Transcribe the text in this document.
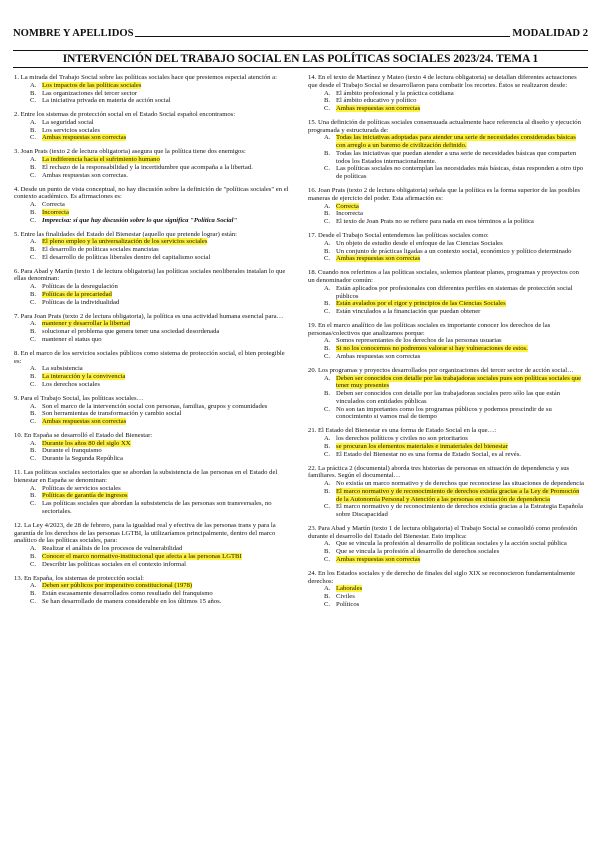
NOMBRE Y APELLIDOS	MODALIDAD 2
INTERVENCIÓN DEL TRABAJO SOCIAL EN LAS POLÍTICAS SOCIALES 2023/24. TEMA 1
1. La mirada del Trabajo Social sobre las políticas sociales hace que prestemos especial atención a:
A. Los impactos de las políticas sociales
B. Las organizaciones del tercer sector
C. La iniciativa privada en materia de acción social
2. Entre los sistemas de protección social en el Estado Social español encontramos:
A. La seguridad social
B. Los servicios sociales
C. Ambas respuestas son correctas
3. Joan Prats (texto 2 de lectura obligatoria) asegura que la política tiene dos enemigos:
A. La indiferencia hacia el sufrimiento humano
B. El rechazo de la responsabilidad y la incertidumbre que acompaña a la libertad.
C. Ambas respuestas son correctas.
4. Desde un punto de vista conceptual, no hay discusión sobre la definición de "políticas sociales" en el contexto académico. Es afirmaciones es:
A. Correcta
B. Incorrecta
C. Imprecisa: sí que hay discusión sobre lo que significa "Política Social"
5. Entre las finalidades del Estado del Bienestar (aquello que pretende lograr) están:
A. El pleno empleo y la universalización de los servicios sociales
B. El desarrollo de políticas sociales mancistas
C. El desarrollo de políticas liberales dentro del capitalismo social
6. Para Abad y Martín (texto 1 de lectura obligatoria) las políticas sociales neoliberales instalan lo que ellas denominan:
A. Políticas de la desregulación
B. Políticas de la precariedad
C. Políticas de la individualidad
7. Para Joan Prats (texto 2 de lectura obligatoria), la política es una actividad humana esencial para…
A. mantener y desarrollar la libertad
B. solucionar el problema que genera tener una sociedad desordenada
C. mantener el status quo
8. En el marco de los servicios sociales públicos como sistema de protección social, el bien protegible es:
A. La subsistencia
B. La interacción y la convivencia
C. Los derechos sociales
9. Para el Trabajo Social, las políticas sociales…
A. Son el marco de la intervención social con personas, familias, grupos y comunidades
B. Son herramientas de transformación y cambio social
C. Ambas respuestas son correctas
10. En España se desarrolló el Estado del Bienestar:
A. Durante los años 80 del siglo XX
B. Durante el franquismo
C. Durante la Segunda República
11. Las políticas sociales sectoriales que se abordan la subsistencia de las personas en el Estado del bienestar en España se denominan:
A. Políticas de servicios sociales
B. Políticas de garantía de ingresos
C. Las políticas sociales que abordan la subsistencia de las personas son transversales, no sectoriales.
12. La Ley 4/2023, de 28 de febrero, para la igualdad real y efectiva de las personas trans y para la garantía de los derechos de las personas LGTBI, la utilizaríamos principalmente, dentro del marco analítico de las políticas sociales, para:
A. Realizar el análisis de los procesos de vulnerabilidad
B. Conocer el marco normativo-institucional que afecta a las personas LGTBI
C. Describir las políticas sociales en el contexto informal
13. En España, los sistemas de protección social:
A. Deben ser públicos por imperativo constitucional (1978)
B. Están escasamente desarrollados como resultado del franquismo
C. Se han desarrollado de manera considerable en los últimos 15 años.
14. En el texto de Martínez y Mateo (texto 4 de lectura obligatoria) se detallan diferentes actuaciones que desde el Trabajo Social se desarrollaron para combatir los recortes. Éstos se realizaron desde:
A. El ámbito profesional y la práctica cotidiana
B. El ámbito educativo y político
C. Ambas respuestas son correctas
15. Una definición de políticas sociales consensuada actualmente hace referencia al diseño y ejecución programada y estructurada de:
A. Todas las iniciativas adoptadas para atender una serie de necesidades consideradas básicas con arreglo a un baremo de civilización definido.
B. Todas las iniciativas que puedan atender a una serie de necesidades básicas que comparten todos los Estados internacionalmente.
C. Las políticas sociales no contemplan las necesidades más básicas, éstas responden a otro tipo de políticas
16. Joan Prats (texto 2 de lectura obligatoria) señala que la política es la forma superior de las posibles maneras de ejercicio del poder. Esta afirmación es:
A. Correcta
B. Incorrecta
C. El texto de Joan Prats no se refiere para nada en esos términos a la política
17. Desde el Trabajo Social entendemos las políticas sociales como:
A. Un objeto de estudio desde el enfoque de las Ciencias Sociales
B. Un conjunto de prácticas ligadas a un contexto social, económico y político determinado
C. Ambas respuestas son correctas
18. Cuando nos referimos a las políticas sociales, solemos plantear planes, programas y proyectos con un denominador común:
A. Están aplicados por profesionales con diferentes perfiles en sistemas de protección social públicos
B. Están avalados por el rigor y principios de las Ciencias Sociales
C. Están vinculados a la financiación que puedan obtener
19. En el marco analítico de las políticas sociales es importante conocer los derechos de las personas/colectivos que analizamos porque:
A. Somos representantes de los derechos de las personas usuarias
B. Si no los conocemos no podremos valorar si hay vulneraciones de estos.
C. Ambas respuestas son correctas
20. Los programas y proyectos desarrollados por organizaciones del tercer sector de acción social…
A. Deben ser conocidos con detalle por las trabajadoras sociales pues son políticas sociales que tener muy presentes
B. Deben ser conocidos con detalle por las trabajadoras sociales pero sólo las que están vinculados con entidades públicas
C. No son tan importantes como los programas públicos y podemos prescindir de su conocimiento si vamos mal de tiempo
21. El Estado del Bienestar es una forma de Estado Social en la que…:
A. los derechos políticos y civiles no son prioritarios
B. se procuran los elementos materiales e inmateriales del bienestar
C. El Estado del Bienestar no es una forma de Estado Social, es al revés.
22. La práctica 2 (documental) aborda tres historias de personas en situación de dependencia y sus familiares. Según el documental…
A. No existía un marco normativo y de derechos que reconociese las situaciones de dependencia
B. El marco normativo y de reconocimiento de derechos existía gracias a la Ley de Promoción de la Autonomía Personal y Atención a las personas en situación de dependencia
C. El marco normativo y de reconocimiento de derechos existía gracias a la Estrategia Española sobre Discapacidad
23. Para Abad y Martín (texto 1 de lectura obligatoria) el Trabajo Social se consolidó como profesión durante el desarrollo del Estado del Bienestar. Esto implica:
A. Que se vincula la profesión al desarrollo de políticas sociales y la acción social pública
B. Que se vincula la profesión al desarrollo de derechos sociales
C. Ambas respuestas son correctas
24. En los Estados sociales y de derecho de finales del siglo XIX se reconocieron fundamentalmente derechos:
A. Laborales
B. Civiles
C. Políticos
